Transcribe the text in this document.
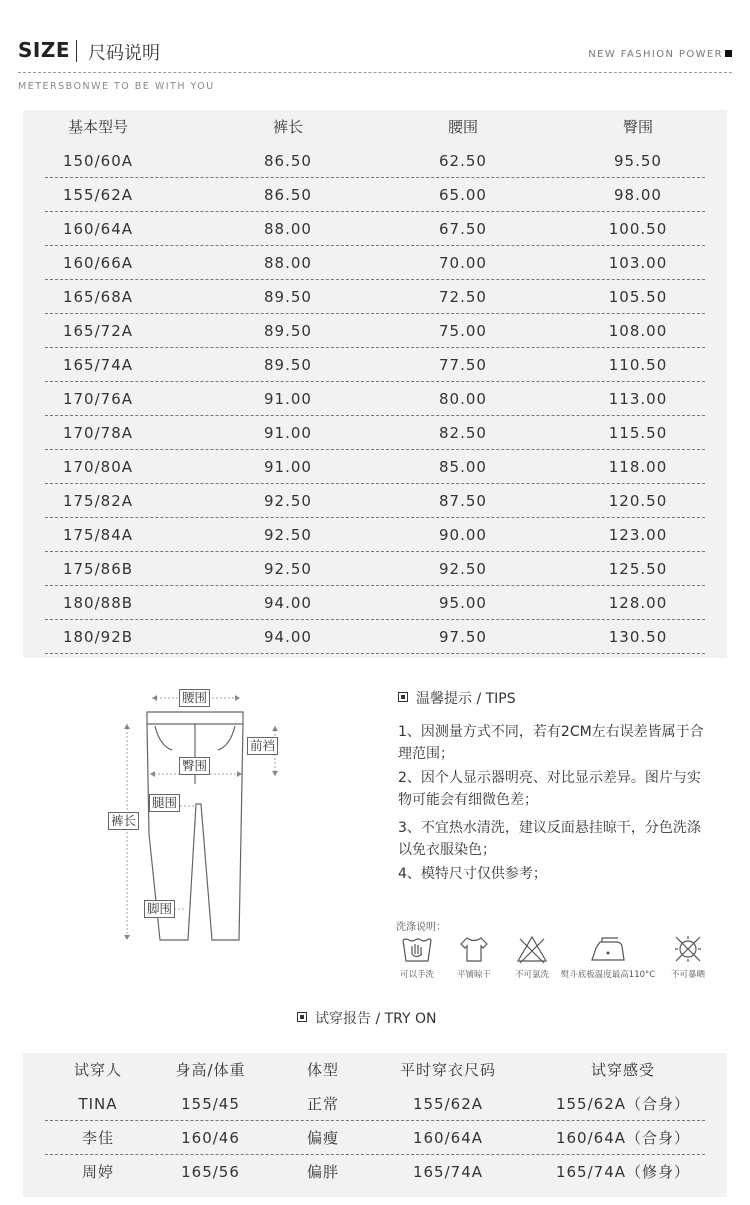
SIZE 尺码说明	NEW FASHION POWER
METERSBONWE TO BE WITH YOU
基本型号	裤长	腰围	臀围
150/60A	86.50	62.50	95.50
155/62A	86.50	65.00	98.00
160/64A	88.00	67.50	100.50
160/66A	88.00	70.00	103.00
165/68A	89.50	72.50	105.50
165/72A	89.50	75.00	108.00
165/74A	89.50	77.50	110.50
170/76A	91.00	80.00	113.00
170/78A	91.00	82.50	115.50
170/80A	91.00	85.00	118.00
175/82A	92.50	87.50	120.50
175/84A	92.50	90.00	123.00
175/86B	92.50	92.50	125.50
180/88B	94.00	95.00	128.00
180/92B	94.00	97.50	130.50
腰围
前裆
臀围
腿围
裤长
脚围
温馨提示 / TIPS
1、因测量方式不同，若有2CM左右误差皆属于合理范围；
2、因个人显示器明亮、对比显示差异。图片与实物可能会有细微色差；
3、不宜热水清洗，建议反面悬挂晾干，分色洗涤以免衣服染色；
4、模特尺寸仅供参考；
洗涤说明：
可以手洗	平铺晾干	不可氯洗	熨斗底板温度最高110°C	不可暴晒
试穿报告 / TRY ON
试穿人	身高/体重	体型	平时穿衣尺码	试穿感受
TINA	155/45	正常	155/62A	155/62A（合身）
李佳	160/46	偏瘦	160/64A	160/64A（合身）
周婷	165/56	偏胖	165/74A	165/74A（修身）
